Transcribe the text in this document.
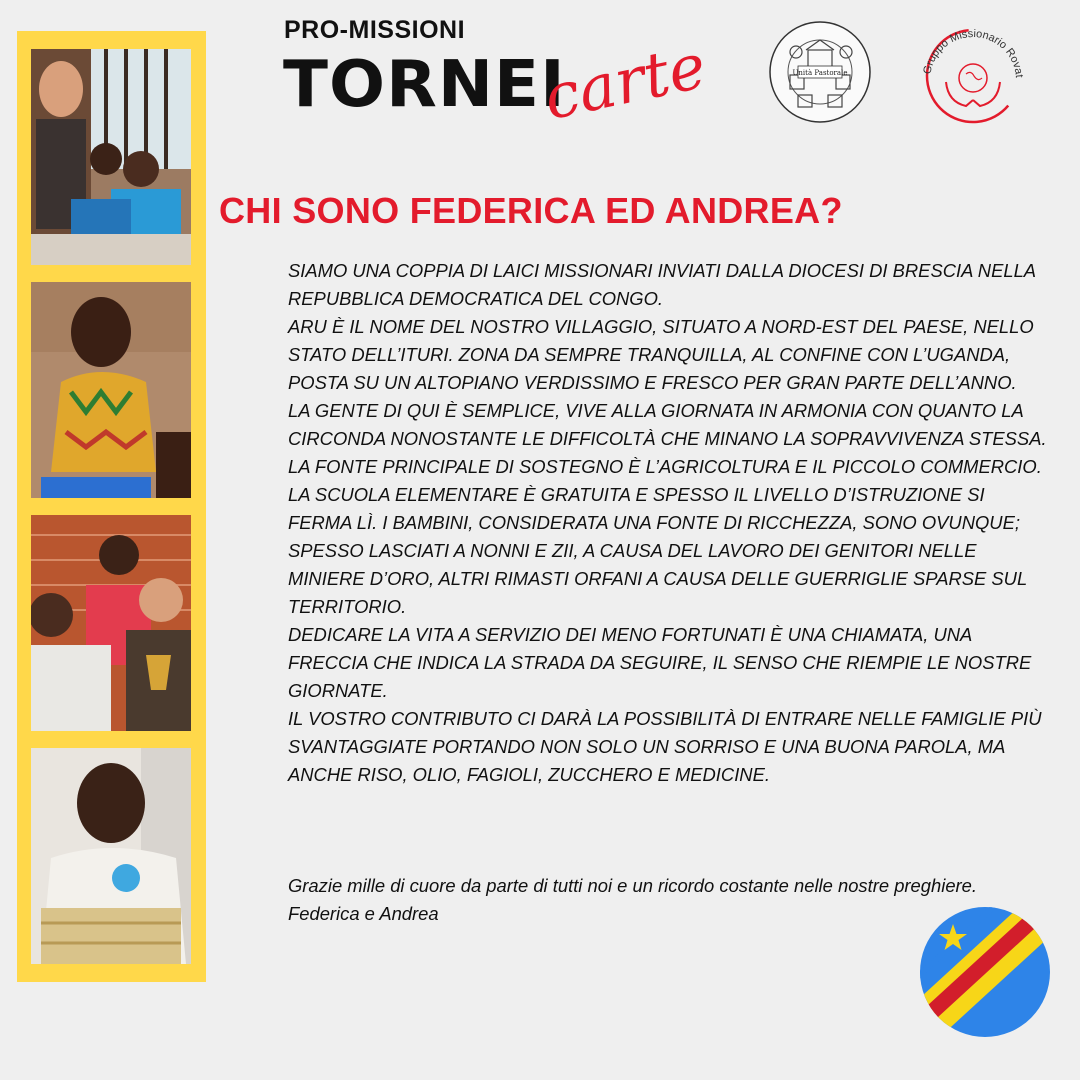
PRO-MISSIONI
TORNEI
carte	Unità Pastorale	Gruppo Missionario Rovat
CHI SONO FEDERICA ED ANDREA?

SIAMO UNA COPPIA DI LAICI MISSIONARI INVIATI DALLA DIOCESI DI BRESCIA NELLA REPUBBLICA DEMOCRATICA DEL CONGO.

ARU È IL NOME DEL NOSTRO VILLAGGIO, SITUATO A NORD-EST DEL PAESE, NELLO STATO DELL’ITURI. ZONA DA SEMPRE TRANQUILLA, AL CONFINE CON L’UGANDA, POSTA SU UN ALTOPIANO VERDISSIMO E FRESCO PER GRAN PARTE DELL’ANNO.

LA GENTE DI QUI È SEMPLICE, VIVE ALLA GIORNATA IN ARMONIA CON QUANTO LA CIRCONDA NONOSTANTE LE DIFFICOLTÀ CHE MINANO LA SOPRAVVIVENZA STESSA. LA FONTE PRINCIPALE DI SOSTEGNO È L’AGRICOLTURA E IL PICCOLO COMMERCIO. LA SCUOLA ELEMENTARE È GRATUITA E SPESSO IL LIVELLO D’ISTRUZIONE SI FERMA LÌ. I BAMBINI, CONSIDERATA UNA FONTE DI RICCHEZZA, SONO OVUNQUE; SPESSO LASCIATI A NONNI E ZII, A CAUSA DEL LAVORO DEI GENITORI NELLE MINIERE D’ORO, ALTRI RIMASTI ORFANI A CAUSA DELLE GUERRIGLIE SPARSE SUL TERRITORIO.

DEDICARE LA VITA A SERVIZIO DEI MENO FORTUNATI È UNA CHIAMATA, UNA FRECCIA CHE INDICA LA STRADA DA SEGUIRE, IL SENSO CHE RIEMPIE LE NOSTRE GIORNATE.

IL VOSTRO CONTRIBUTO CI DARÀ LA POSSIBILITÀ DI ENTRARE NELLE FAMIGLIE PIÙ SVANTAGGIATE PORTANDO NON SOLO UN SORRISO E UNA BUONA PAROLA, MA ANCHE RISO, OLIO, FAGIOLI, ZUCCHERO E MEDICINE.

Grazie mille di cuore da parte di tutti noi e un ricordo costante nelle nostre preghiere.

Federica e Andrea
